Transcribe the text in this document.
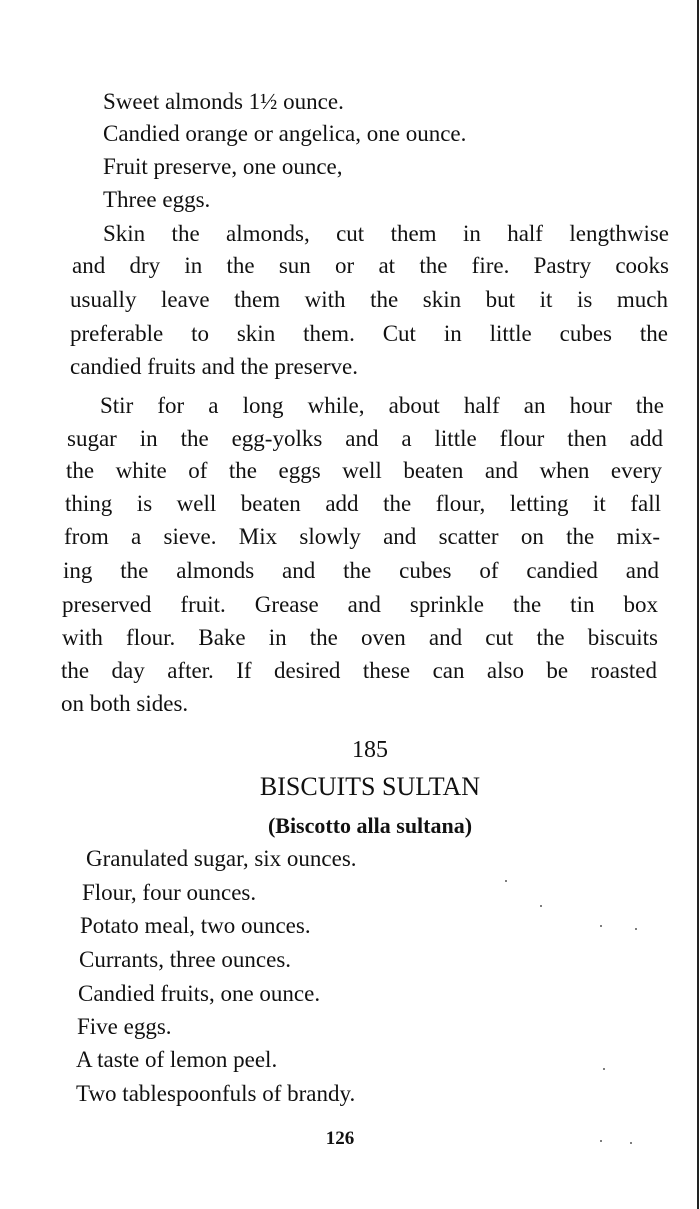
Sweet almonds 1½ ounce.
Candied orange or angelica, one ounce.
Fruit preserve, one ounce,
Three eggs.
Skin the almonds, cut them in half lengthwise
and dry in the sun or at the fire. Pastry cooks
usually leave them with the skin but it is much
preferable to skin them. Cut in little cubes the
candied fruits and the preserve.
Stir for a long while, about half an hour the
sugar in the egg-yolks and a little flour then add
the white of the eggs well beaten and when every
thing is well beaten add the flour, letting it fall
from a sieve. Mix slowly and scatter on the mix-
ing the almonds and the cubes of candied and
preserved fruit. Grease and sprinkle the tin box
with flour. Bake in the oven and cut the biscuits
the day after. If desired these can also be roasted
on both sides.
185
BISCUITS SULTAN
(Biscotto alla sultana)
Granulated sugar, six ounces.
Flour, four ounces.
Potato meal, two ounces.
Currants, three ounces.
Candied fruits, one ounce.
Five eggs.
A taste of lemon peel.
Two tablespoonfuls of brandy.
126
